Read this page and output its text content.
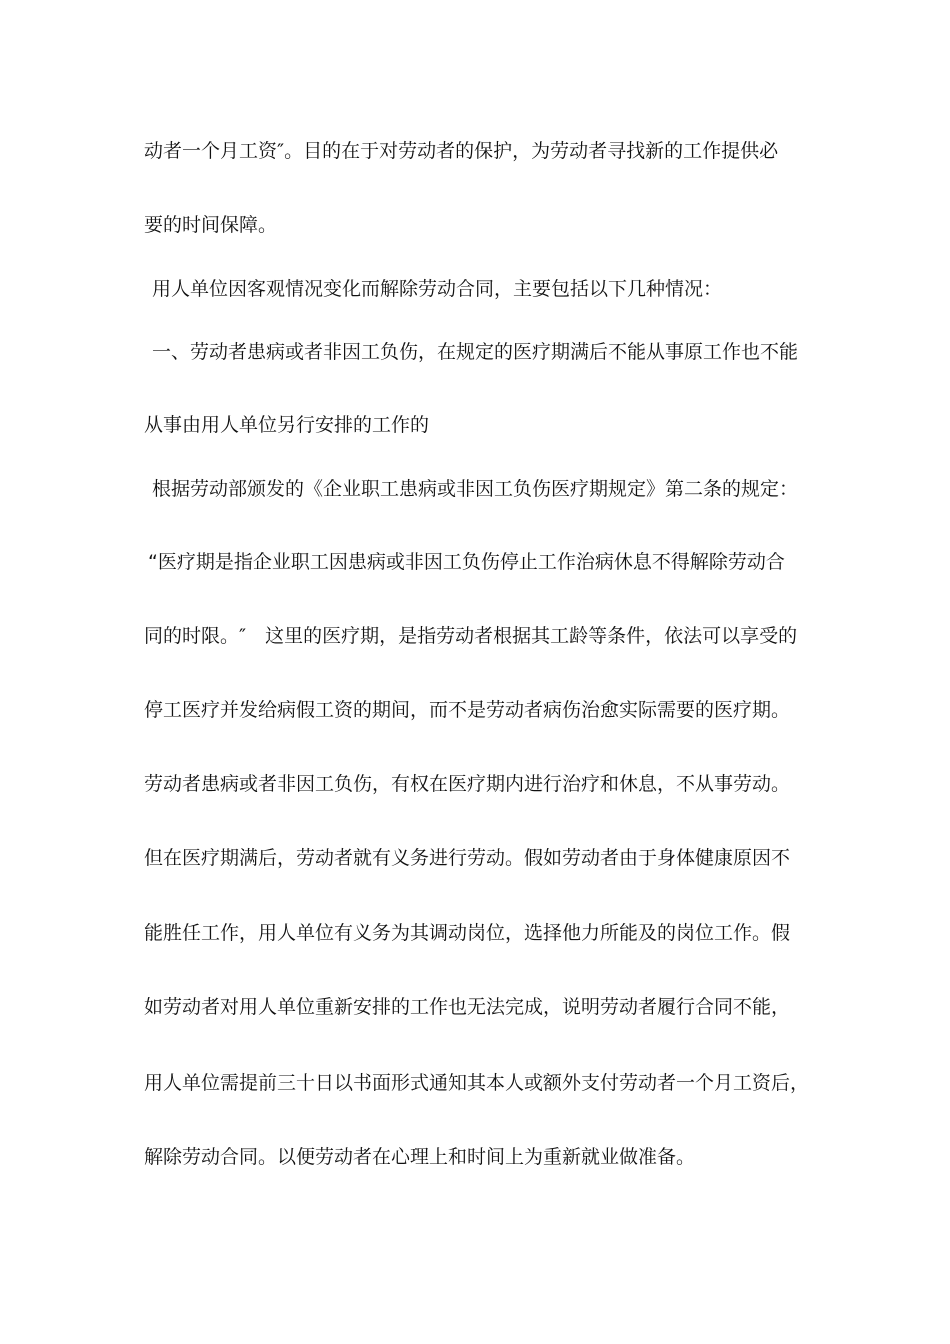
动者一个月工资″。目的在于对劳动者的保护，为劳动者寻找新的工作提供必
要的时间保障。
用人单位因客观情况变化而解除劳动合同，主要包括以下几种情况：
一、劳动者患病或者非因工负伤，在规定的医疗期满后不能从事原工作也不能
从事由用人单位另行安排的工作的
根据劳动部颁发的《企业职工患病或非因工负伤医疗期规定》第二条的规定：
“医疗期是指企业职工因患病或非因工负伤停止工作治病休息不得解除劳动合
同的时限。″　这里的医疗期，是指劳动者根据其工龄等条件，依法可以享受的
停工医疗并发给病假工资的期间，而不是劳动者病伤治愈实际需要的医疗期。
劳动者患病或者非因工负伤，有权在医疗期内进行治疗和休息，不从事劳动。
但在医疗期满后，劳动者就有义务进行劳动。假如劳动者由于身体健康原因不
能胜任工作，用人单位有义务为其调动岗位，选择他力所能及的岗位工作。假
如劳动者对用人单位重新安排的工作也无法完成，说明劳动者履行合同不能，
用人单位需提前三十日以书面形式通知其本人或额外支付劳动者一个月工资后，
解除劳动合同。以便劳动者在心理上和时间上为重新就业做准备。
